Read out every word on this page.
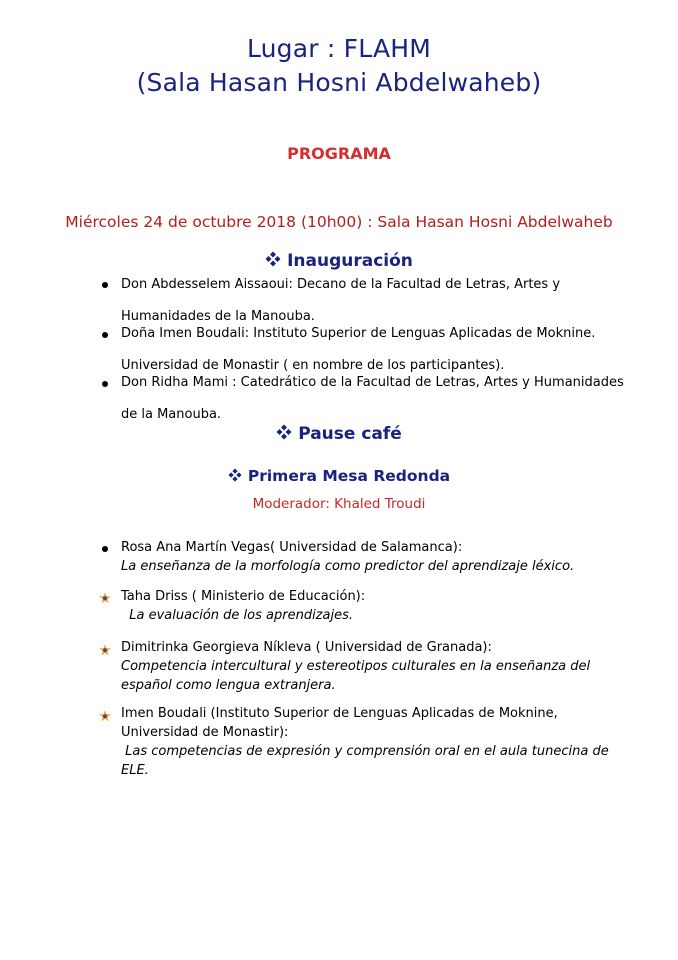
Lugar : FLAHM
(Sala Hasan Hosni Abdelwaheb)
PROGRAMA
Miércoles 24 de octubre 2018 (10h00) : Sala Hasan Hosni Abdelwaheb
Inauguración
Don Abdesselem Aissaoui: Decano de la Facultad de Letras, Artes y
Humanidades de la Manouba.
Doña Imen Boudali: Instituto Superior de Lenguas Aplicadas de Moknine.
Universidad de Monastir ( en nombre de los participantes).
Don Ridha Mami : Catedrático de la Facultad de Letras, Artes y Humanidades
de la Manouba.
Pause café
Primera Mesa Redonda
Moderador: Khaled Troudi
Rosa Ana Martín Vegas( Universidad de Salamanca):
La enseñanza de la morfología como predictor del aprendizaje léxico.
Taha Driss ( Ministerio de Educación):
La evaluación de los aprendizajes.
Dimitrinka Georgieva Níkleva ( Universidad de Granada):
Competencia intercultural y estereotipos culturales en la enseñanza del
español como lengua extranjera.
Imen Boudali (Instituto Superior de Lenguas Aplicadas de Moknine,
Universidad de Monastir):
Las competencias de expresión y comprensión oral en el aula tunecina de
ELE.
